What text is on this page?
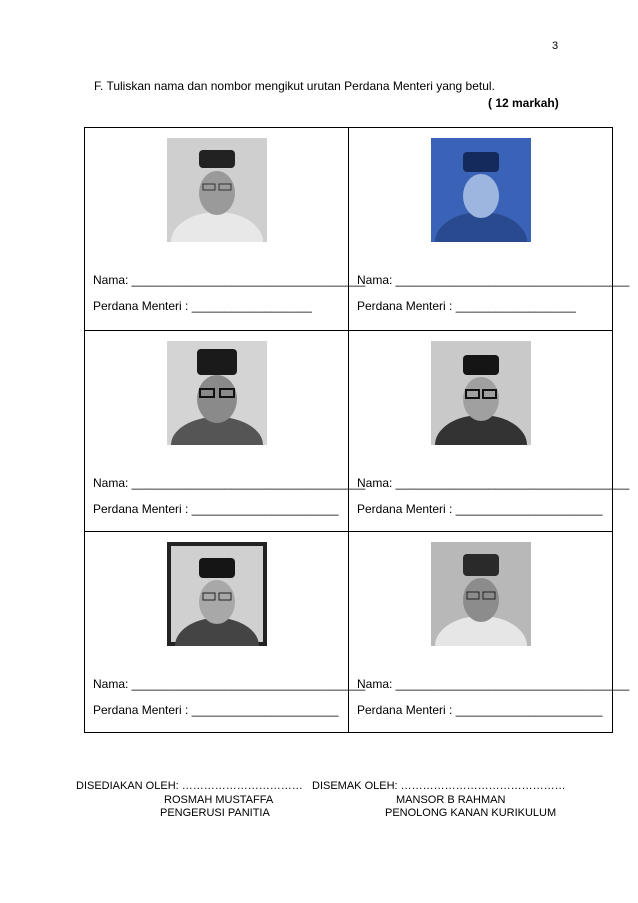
3
F. Tuliskan nama dan nombor mengikut urutan Perdana Menteri yang betul.
( 12 markah)
Nama: ___________________________________
Perdana Menteri : __________________
Nama: ___________________________________
Perdana Menteri : __________________
Nama: ___________________________________
Perdana Menteri : ______________________
Nama: ___________________________________
Perdana Menteri : ______________________
Nama: ___________________________________
Perdana Menteri : ______________________
Nama: ___________________________________
Perdana Menteri : ______________________
DISEDIAKAN OLEH: …………………………… DISEMAK OLEH: ………………………………………
ROSMAH MUSTAFFA
PENGERUSI PANITIA
MANSOR B RAHMAN
PENOLONG KANAN KURIKULUM
